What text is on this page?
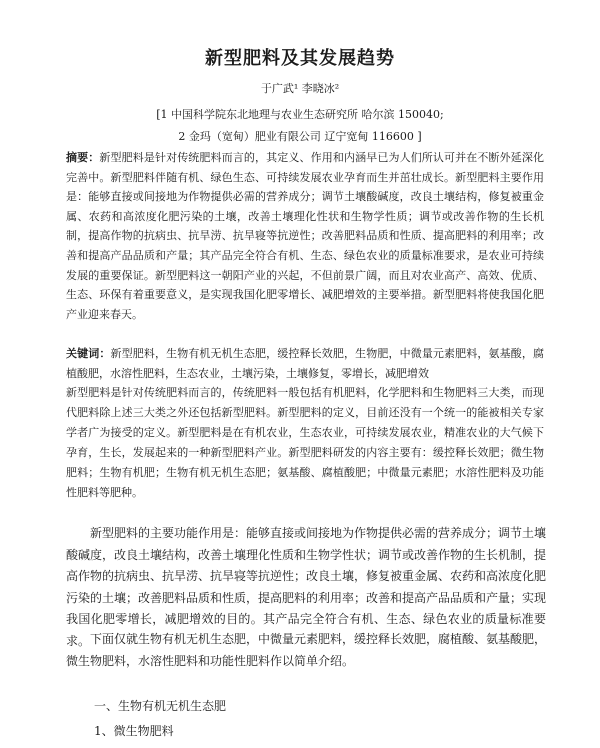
新型肥料及其发展趋势
于广武¹ 李晓冰²
[1 中国科学院东北地理与农业生态研究所 哈尔滨 150040;
2 金玛（宽甸）肥业有限公司 辽宁宽甸 116600 ]
摘要：新型肥料是针对传统肥料而言的，其定义、作用和内涵早已为人们所认可并在不断外延深化完善中。新型肥料伴随有机、绿色生态、可持续发展农业孕育而生并茁壮成长。新型肥料主要作用是：能够直接或间接地为作物提供必需的营养成分；调节土壤酸碱度，改良土壤结构，修复被重金属、农药和高浓度化肥污染的土壤，改善土壤理化性状和生物学性质；调节或改善作物的生长机制，提高作物的抗病虫、抗旱涝、抗旱寝等抗逆性；改善肥料品质和性质、提高肥料的利用率；改善和提高产品品质和产量；其产品完全符合有机、生态、绿色农业的质量标准要求，是农业可持续发展的重要保证。新型肥料这一朝阳产业的兴起，不但前景广阔，而且对农业高产、高效、优质、生态、环保有着重要意义，是实现我国化肥零增长、减肥增效的主要举措。新型肥料将使我国化肥产业迎来春天。
关键词：新型肥料，生物有机无机生态肥，缓控释长效肥，生物肥，中微量元素肥料，氨基酸，腐植酸肥，水溶性肥料，生态农业，土壤污染，土壤修复，零增长，减肥增效
新型肥料是针对传统肥料而言的，传统肥料一般包括有机肥料，化学肥料和生物肥料三大类，而现代肥料除上述三大类之外还包括新型肥料。新型肥料的定义，目前还没有一个统一的能被相关专家学者广为接受的定义。新型肥料是在有机农业，生态农业，可持续发展农业，精准农业的大气候下孕育，生长，发展起来的一种新型肥料产业。新型肥料研发的内容主要有：缓控释长效肥；微生物肥料；生物有机肥；生物有机无机生态肥；氨基酸、腐植酸肥；中微量元素肥；水溶性肥料及功能性肥料等肥种。
新型肥料的主要功能作用是：能够直接或间接地为作物提供必需的营养成分；调节土壤酸碱度，改良土壤结构，改善土壤理化性质和生物学性状；调节或改善作物的生长机制，提高作物的抗病虫、抗旱涝、抗旱寝等抗逆性；改良土壤，修复被重金属、农药和高浓度化肥污染的土壤；改善肥料品质和性质，提高肥料的利用率；改善和提高产品品质和产量；实现我国化肥零增长，减肥增效的目的。其产品完全符合有机、生态、绿色农业的质量标准要求。 下面仅就生物有机无机生态肥，中微量元素肥料，缓控释长效肥，腐植酸、氨基酸肥，微生物肥料，水溶性肥料和功能性肥料作以简单介绍。
一、生物有机无机生态肥
1、微生物肥料
